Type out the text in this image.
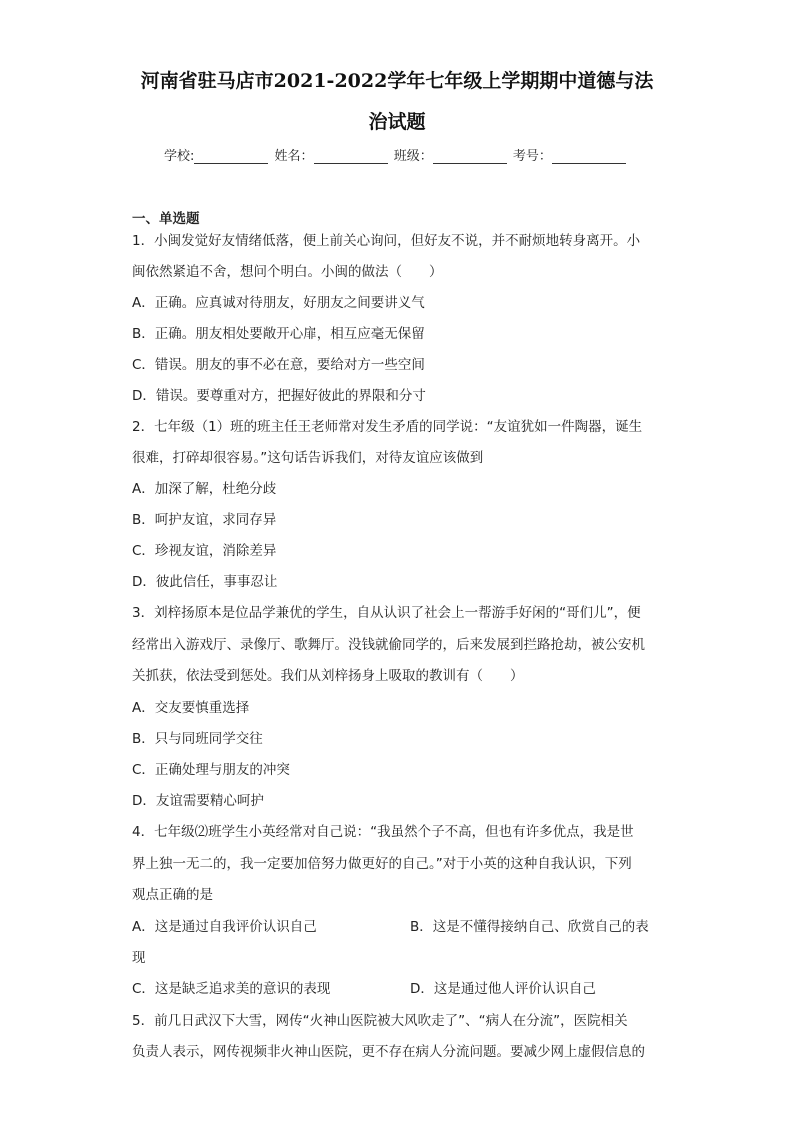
河南省驻马店市2021-2022学年七年级上学期期中道德与法
治试题
学校:	姓名：	班级：	考号：
一、单选题
1．小闽发觉好友情绪低落，便上前关心询问，但好友不说，并不耐烦地转身离开。小
闽依然紧追不舍，想问个明白。小闽的做法（　　）
A．正确。应真诚对待朋友，好朋友之间要讲义气
B．正确。朋友相处要敞开心扉，相互应毫无保留
C．错误。朋友的事不必在意，要给对方一些空间
D．错误。要尊重对方，把握好彼此的界限和分寸
2．七年级（1）班的班主任王老师常对发生矛盾的同学说：“友谊犹如一件陶器，诞生
很难，打碎却很容易。”这句话告诉我们，对待友谊应该做到
A．加深了解，杜绝分歧
B．呵护友谊，求同存异
C．珍视友谊，消除差异
D．彼此信任，事事忍让
3．刘梓扬原本是位品学兼优的学生，自从认识了社会上一帮游手好闲的“哥们儿”，便
经常出入游戏厅、录像厅、歌舞厅。没钱就偷同学的，后来发展到拦路抢劫，被公安机
关抓获，依法受到惩处。我们从刘梓扬身上吸取的教训有（　　）
A．交友要慎重选择
B．只与同班同学交往
C．正确处理与朋友的冲突
D．友谊需要精心呵护
4．七年级⑵班学生小英经常对自己说：“我虽然个子不高，但也有许多优点，我是世
界上独一无二的，我一定要加倍努力做更好的自己。”对于小英的这种自我认识，下列
观点正确的是
A．这是通过自我评价认识自己	B．这是不懂得接纳自己、欣赏自己的表
现
C．这是缺乏追求美的意识的表现	D．这是通过他人评价认识自己
5．前几日武汉下大雪，网传“火神山医院被大风吹走了”、“病人在分流”，医院相关
负责人表示，网传视频非火神山医院，更不存在病人分流问题。要减少网上虚假信息的
